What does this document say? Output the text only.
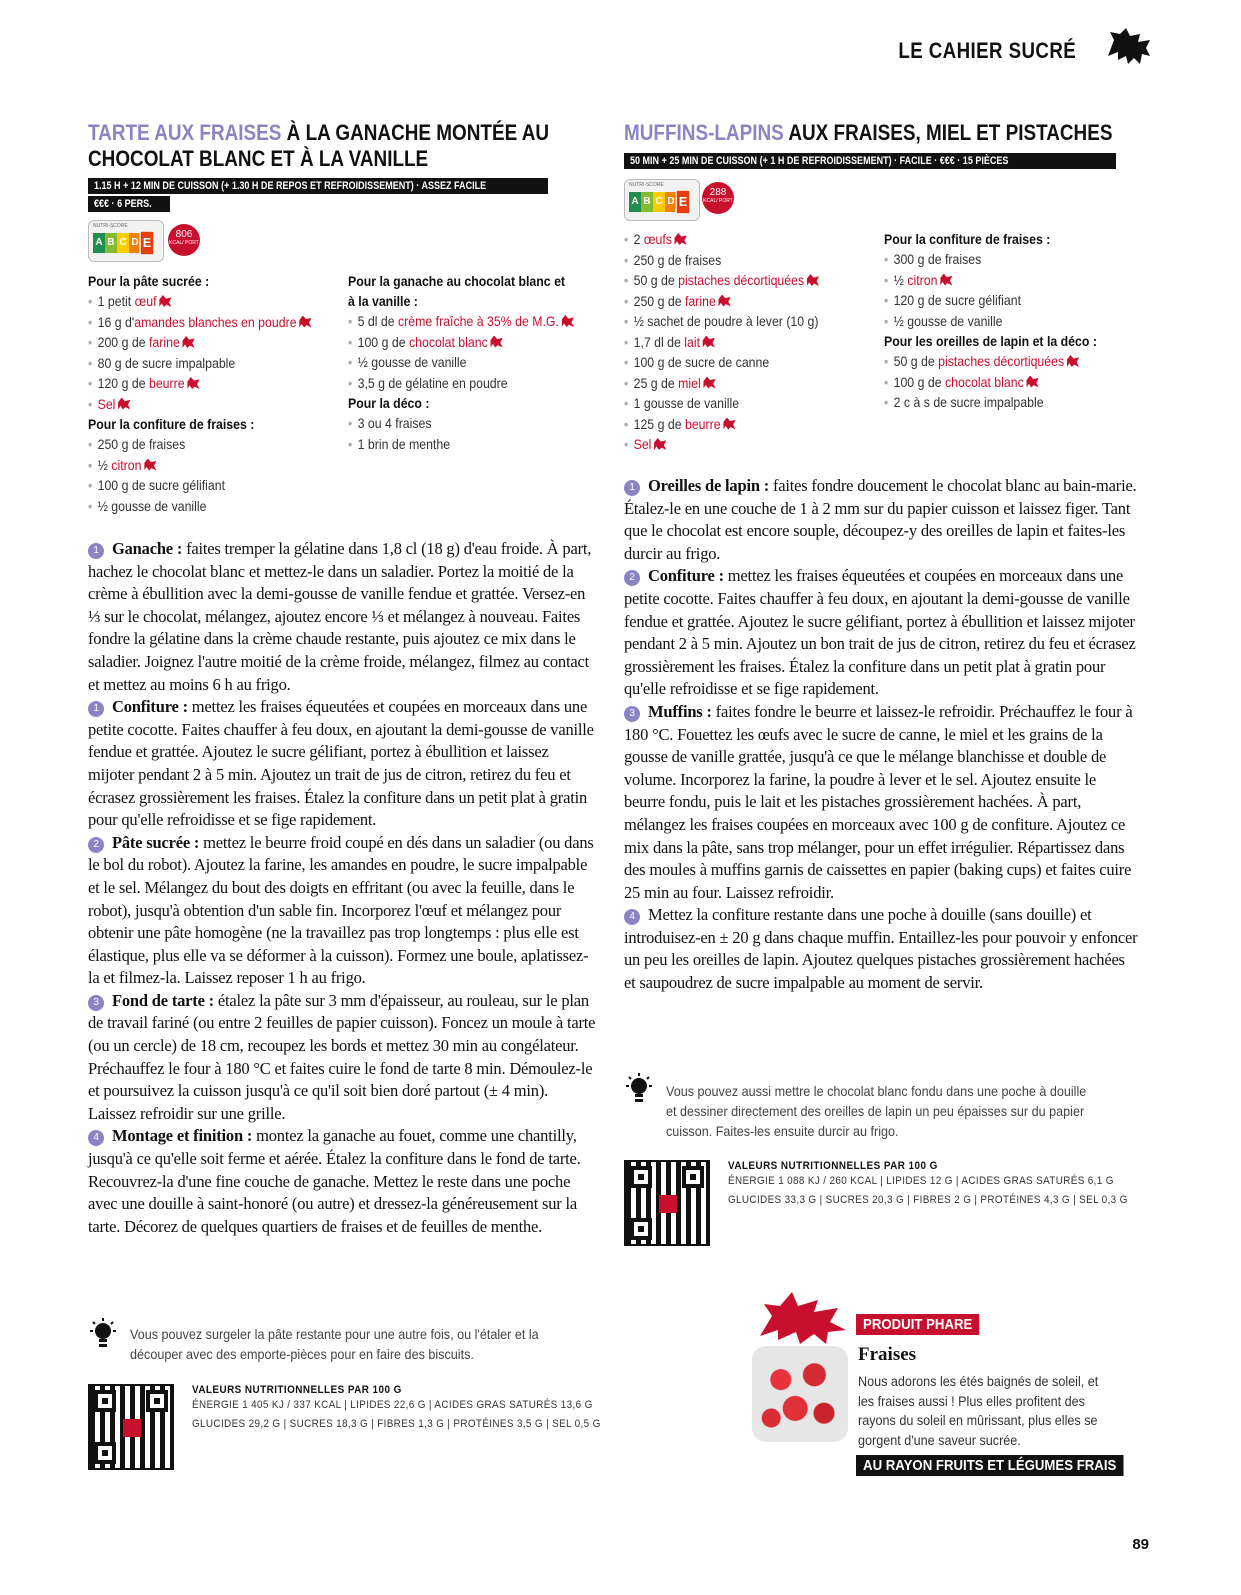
LE CAHIER SUCRÉ
TARTE AUX FRAISES À LA GANACHE MONTÉE AU CHOCOLAT BLANC ET À LA VANILLE
1.15 H + 12 MIN DE CUISSON (+ 1.30 H DE REPOS ET REFROIDISSEMENT) · ASSEZ FACILE
€€€ · 6 PERS.
NUTRI-SCORE
A B C D E
806
KCAL/ PORT
Pour la pâte sucrée :
• 1 petit œuf
• 16 g d'amandes blanches en poudre
• 200 g de farine
• 80 g de sucre impalpable
• 120 g de beurre
• Sel
Pour la confiture de fraises :
• 250 g de fraises
• ½ citron
• 100 g de sucre gélifiant
• ½ gousse de vanille
Pour la ganache au chocolat blanc et
à la vanille :
• 5 dl de crème fraîche à 35% de M.G.
• 100 g de chocolat blanc
• ½ gousse de vanille
• 3,5 g de gélatine en poudre
Pour la déco :
• 3 ou 4 fraises
• 1 brin de menthe

1 Ganache : faites tremper la gélatine dans 1,8 cl (18 g) d'eau froide. À part, hachez le chocolat blanc et mettez-le dans un saladier. Portez la moitié de la crème à ébullition avec la demi-gousse de vanille fendue et grattée. Versez-en ⅓ sur le chocolat, mélangez, ajoutez encore ⅓ et mélangez à nouveau. Faites fondre la gélatine dans la crème chaude restante, puis ajoutez ce mix dans le saladier. Joignez l'autre moitié de la crème froide, mélangez, filmez au contact et mettez au moins 6 h au frigo.

1 Confiture : mettez les fraises équeutées et coupées en morceaux dans une petite cocotte. Faites chauffer à feu doux, en ajoutant la demi-gousse de vanille fendue et grattée. Ajoutez le sucre gélifiant, portez à ébullition et laissez mijoter pendant 2 à 5 min. Ajoutez un trait de jus de citron, retirez du feu et écrasez grossièrement les fraises. Étalez la confiture dans un petit plat à gratin pour qu'elle refroidisse et se fige rapidement.

2 Pâte sucrée : mettez le beurre froid coupé en dés dans un saladier (ou dans le bol du robot). Ajoutez la farine, les amandes en poudre, le sucre impalpable et le sel. Mélangez du bout des doigts en effritant (ou avec la feuille, dans le robot), jusqu'à obtention d'un sable fin. Incorporez l'œuf et mélangez pour obtenir une pâte homogène (ne la travaillez pas trop longtemps : plus elle est élastique, plus elle va se déformer à la cuisson). Formez une boule, aplatissez-la et filmez-la. Laissez reposer 1 h au frigo.

3 Fond de tarte : étalez la pâte sur 3 mm d'épaisseur, au rouleau, sur le plan de travail fariné (ou entre 2 feuilles de papier cuisson). Foncez un moule à tarte (ou un cercle) de 18 cm, recoupez les bords et mettez 30 min au congélateur. Préchauffez le four à 180 °C et faites cuire le fond de tarte 8 min. Démoulez-le et poursuivez la cuisson jusqu'à ce qu'il soit bien doré partout (± 4 min). Laissez refroidir sur une grille.

4 Montage et finition : montez la ganache au fouet, comme une chantilly, jusqu'à ce qu'elle soit ferme et aérée. Étalez la confiture dans le fond de tarte. Recouvrez-la d'une fine couche de ganache. Mettez le reste dans une poche avec une douille à saint-honoré (ou autre) et dressez-la généreusement sur la tarte. Décorez de quelques quartiers de fraises et de feuilles de menthe.

Vous pouvez surgeler la pâte restante pour une autre fois, ou l'étaler et la découper avec des emporte-pièces pour en faire des biscuits.
VALEURS NUTRITIONNELLES PAR 100 G
ÉNERGIE 1 405 KJ / 337 KCAL | LIPIDES 22,6 G | ACIDES GRAS SATURÉS 13,6 G
GLUCIDES 29,2 G | SUCRES 18,3 G | FIBRES 1,3 G | PROTÉINES 3,5 G | SEL 0,5 G
MUFFINS-LAPINS AUX FRAISES, MIEL ET PISTACHES
50 MIN + 25 MIN DE CUISSON (+ 1 H DE REFROIDISSEMENT) · FACILE · €€€ · 15 PIÈCES
NUTRI-SCORE
A B C D E
288
KCAL/ PORT
• 2 œufs
• 250 g de fraises
• 50 g de pistaches décortiquées
• 250 g de farine
• ½ sachet de poudre à lever (10 g)
• 1,7 dl de lait
• 100 g de sucre de canne
• 25 g de miel
• 1 gousse de vanille
• 125 g de beurre
• Sel
Pour la confiture de fraises :
• 300 g de fraises
• ½ citron
• 120 g de sucre gélifiant
• ½ gousse de vanille
Pour les oreilles de lapin et la déco :
• 50 g de pistaches décortiquées
• 100 g de chocolat blanc
• 2 c à s de sucre impalpable

1 Oreilles de lapin : faites fondre doucement le chocolat blanc au bain-marie. Étalez-le en une couche de 1 à 2 mm sur du papier cuisson et laissez figer. Tant que le chocolat est encore souple, découpez-y des oreilles de lapin et faites-les durcir au frigo.

2 Confiture : mettez les fraises équeutées et coupées en morceaux dans une petite cocotte. Faites chauffer à feu doux, en ajoutant la demi-gousse de vanille fendue et grattée. Ajoutez le sucre gélifiant, portez à ébullition et laissez mijoter pendant 2 à 5 min. Ajoutez un bon trait de jus de citron, retirez du feu et écrasez grossièrement les fraises. Étalez la confiture dans un petit plat à gratin pour qu'elle refroidisse et se fige rapidement.

3 Muffins : faites fondre le beurre et laissez-le refroidir. Préchauffez le four à 180 °C. Fouettez les œufs avec le sucre de canne, le miel et les grains de la gousse de vanille grattée, jusqu'à ce que le mélange blanchisse et double de volume. Incorporez la farine, la poudre à lever et le sel. Ajoutez ensuite le beurre fondu, puis le lait et les pistaches grossièrement hachées. À part, mélangez les fraises coupées en morceaux avec 100 g de confiture. Ajoutez ce mix dans la pâte, sans trop mélanger, pour un effet irrégulier. Répartissez dans des moules à muffins garnis de caissettes en papier (baking cups) et faites cuire 25 min au four. Laissez refroidir.

4 Mettez la confiture restante dans une poche à douille (sans douille) et introduisez-en ± 20 g dans chaque muffin. Entaillez-les pour pouvoir y enfoncer un peu les oreilles de lapin. Ajoutez quelques pistaches grossièrement hachées et saupoudrez de sucre impalpable au moment de servir.

Vous pouvez aussi mettre le chocolat blanc fondu dans une poche à douille et dessiner directement des oreilles de lapin un peu épaisses sur du papier cuisson. Faites-les ensuite durcir au frigo.
VALEURS NUTRITIONNELLES PAR 100 G
ÉNERGIE 1 088 KJ / 260 KCAL | LIPIDES 12 G | ACIDES GRAS SATURÉS 6,1 G
GLUCIDES 33,3 G | SUCRES 20,3 G | FIBRES 2 G | PROTÉINES 4,3 G | SEL 0,3 G
PRODUIT PHARE
Fraises
Nous adorons les étés baignés de soleil, et les fraises aussi ! Plus elles profitent des rayons du soleil en mûrissant, plus elles se gorgent d'une saveur sucrée.
AU RAYON FRUITS ET LÉGUMES FRAIS
89
